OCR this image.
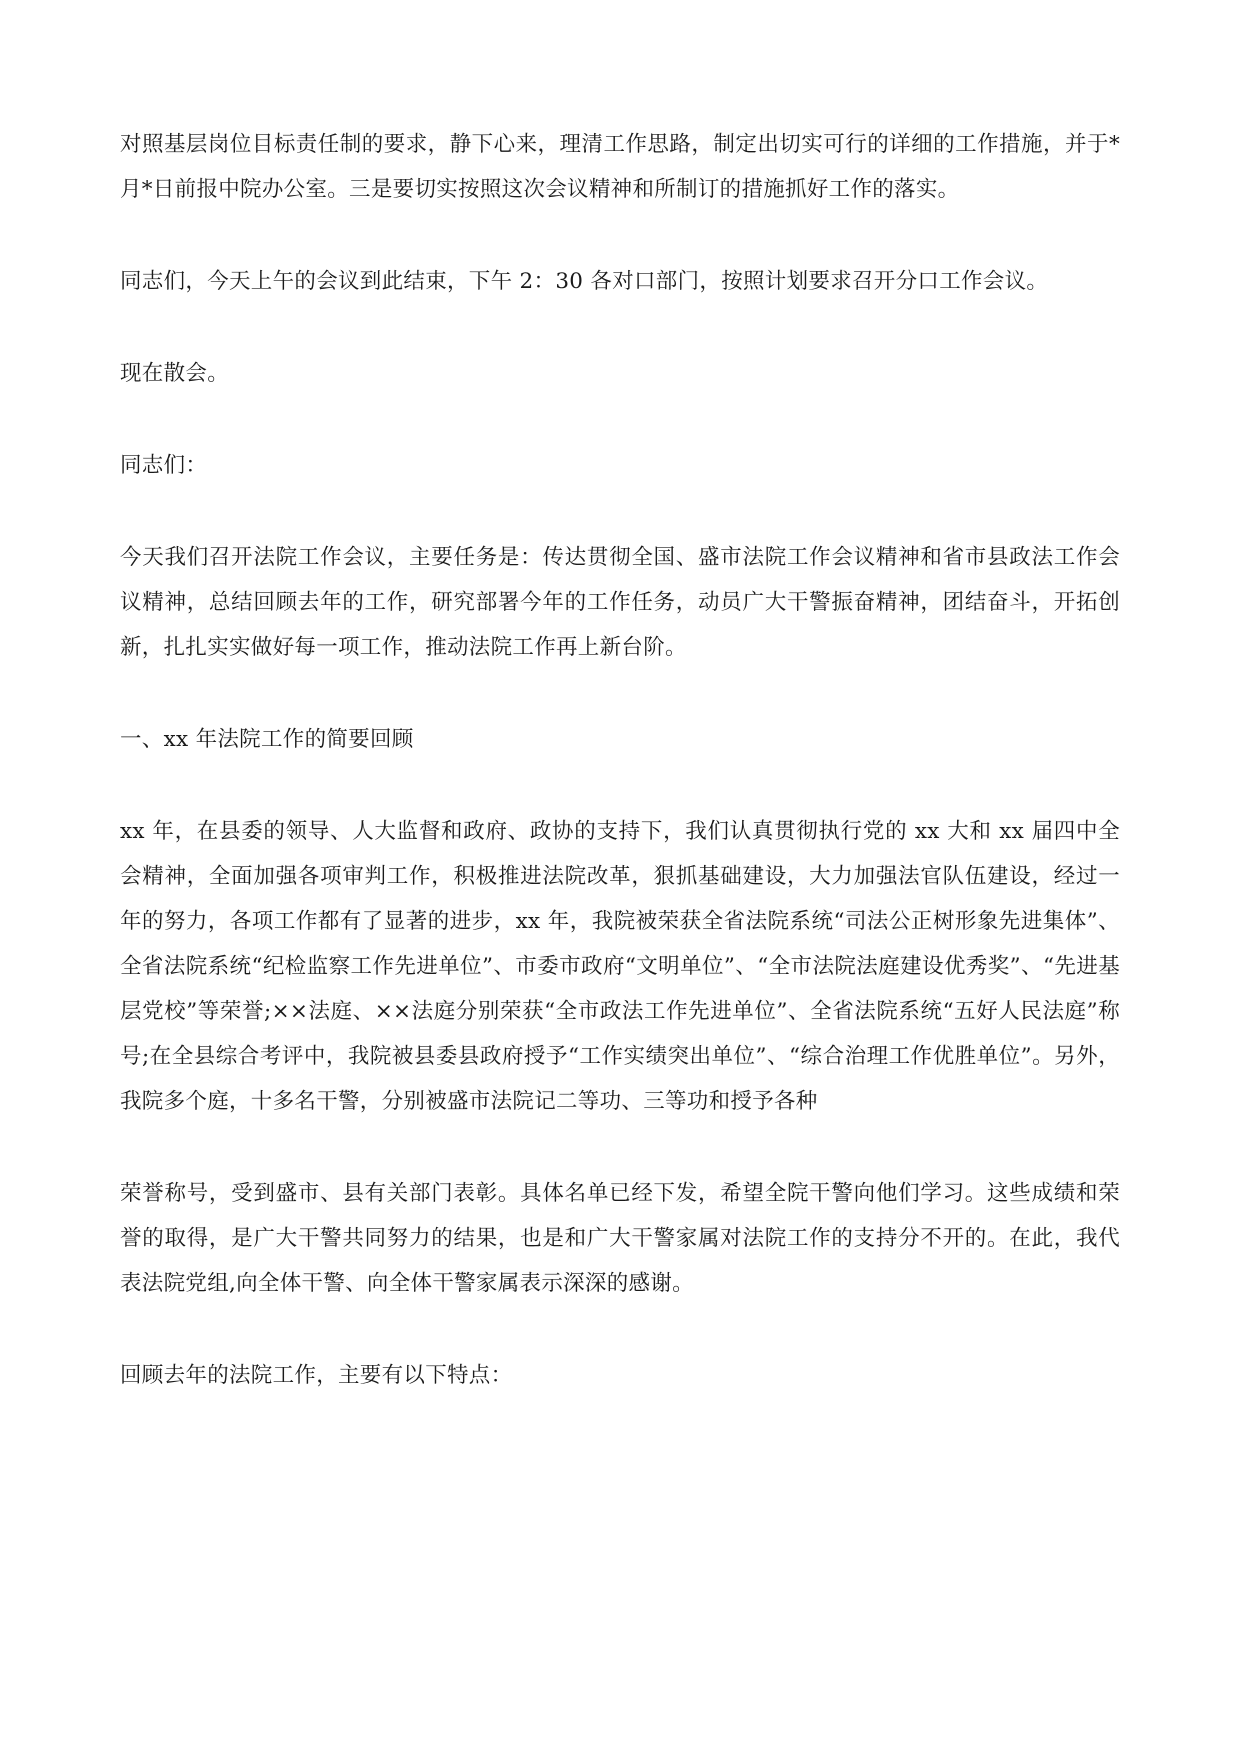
对照基层岗位目标责任制的要求，静下心来，理清工作思路，制定出切实可行的详细的工作措施，并于*月*日前报中院办公室。三是要切实按照这次会议精神和所制订的措施抓好工作的落实。

同志们，今天上午的会议到此结束，下午 2：30 各对口部门，按照计划要求召开分口工作会议。

现在散会。

同志们：

今天我们召开法院工作会议，主要任务是：传达贯彻全国、盛市法院工作会议精神和省市县政法工作会议精神，总结回顾去年的工作，研究部署今年的工作任务，动员广大干警振奋精神，团结奋斗，开拓创新，扎扎实实做好每一项工作，推动法院工作再上新台阶。

一、xx 年法院工作的简要回顾

xx 年，在县委的领导、人大监督和政府、政协的支持下，我们认真贯彻执行党的 xx 大和 xx 届四中全会精神，全面加强各项审判工作，积极推进法院改革，狠抓基础建设，大力加强法官队伍建设，经过一年的努力，各项工作都有了显著的进步，xx 年，我院被荣获全省法院系统“司法公正树形象先进集体”、全省法院系统“纪检监察工作先进单位”、市委市政府“文明单位”、“全市法院法庭建设优秀奖”、“先进基层党校”等荣誉;××法庭、××法庭分别荣获“全市政法工作先进单位”、全省法院系统“五好人民法庭”称号;在全县综合考评中，我院被县委县政府授予“工作实绩突出单位”、“综合治理工作优胜单位”。另外，我院多个庭，十多名干警，分别被盛市法院记二等功、三等功和授予各种

荣誉称号，受到盛市、县有关部门表彰。具体名单已经下发，希望全院干警向他们学习。这些成绩和荣誉的取得，是广大干警共同努力的结果，也是和广大干警家属对法院工作的支持分不开的。在此，我代表法院党组,向全体干警、向全体干警家属表示深深的感谢。

回顾去年的法院工作，主要有以下特点：
